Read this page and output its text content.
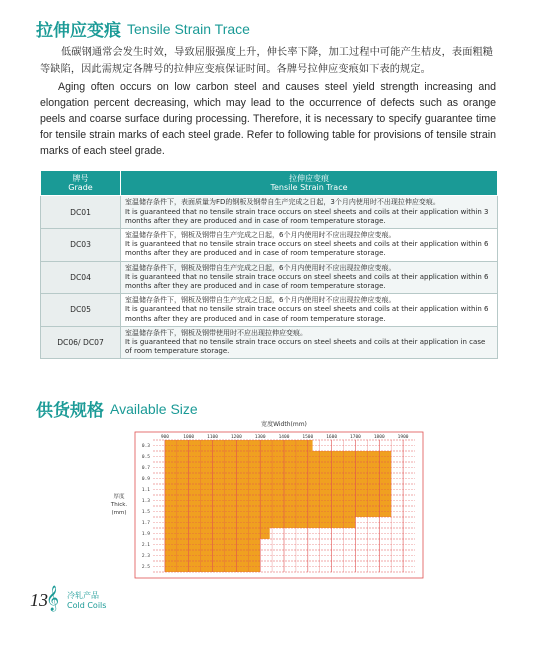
拉伸应变痕 Tensile Strain Trace

低碳钢通常会发生时效，导致屈服强度上升，伸长率下降，加工过程中可能产生桔皮，表面粗糙等缺陷，因此需规定各牌号的拉伸应变痕保证时间。各牌号拉伸应变痕如下表的规定。

Aging often occurs on low carbon steel and causes steel yield strength increasing and elongation percent decreasing, which may lead to the occurrence of defects such as orange peels and coarse surface during processing. Therefore, it is necessary to specify guarantee time for tensile strain marks of each steel grade. Refer to following table for provisions of tensile strain marks of each steel grade.

牌号
Grade	拉伸应变痕
Tensile Strain Trace

DC01	室温储存条件下，表面质量为FD的钢板及钢带自生产完成之日起，3个月内使用时不出现拉伸应变痕。
It is guaranteed that no tensile strain trace occurs on steel sheets and coils at their application within 3 months after they are produced and in case of room temperature storage.

DC03	室温储存条件下，钢板及钢带自生产完成之日起，6个月内使用时不应出现拉伸应变痕。
It is guaranteed that no tensile strain trace occurs on steel sheets and coils at their application within 6 months after they are produced and in case of room temperature storage.

DC04	室温储存条件下，钢板及钢带自生产完成之日起，6个月内使用时不应出现拉伸应变痕。
It is guaranteed that no tensile strain trace occurs on steel sheets and coils at their application within 6 months after they are produced and in case of room temperature storage.

DC05	室温储存条件下，钢板及钢带自生产完成之日起，6个月内使用时不应出现拉伸应变痕。
It is guaranteed that no tensile strain trace occurs on steel sheets and coils at their application within 6 months after they are produced and in case of room temperature storage.

DC06/ DC07	室温储存条件下，钢板及钢带使用时不应出现拉伸应变痕。
It is guaranteed that no tensile strain trace occurs on steel sheets and coils at their application in case of room temperature storage.
供货规格 Available Size
宽度Width(mm)
900	1000	1100	1200	1300	1400	1500	1600	1700	1800	1900
0.3
0.5
0.7
0.9
1.1
1.3
1.5
1.7
1.9
2.1
2.3
2.5
厚度
Thick.
(mm)
13
𝄞 冷轧产品
Cold Coils
